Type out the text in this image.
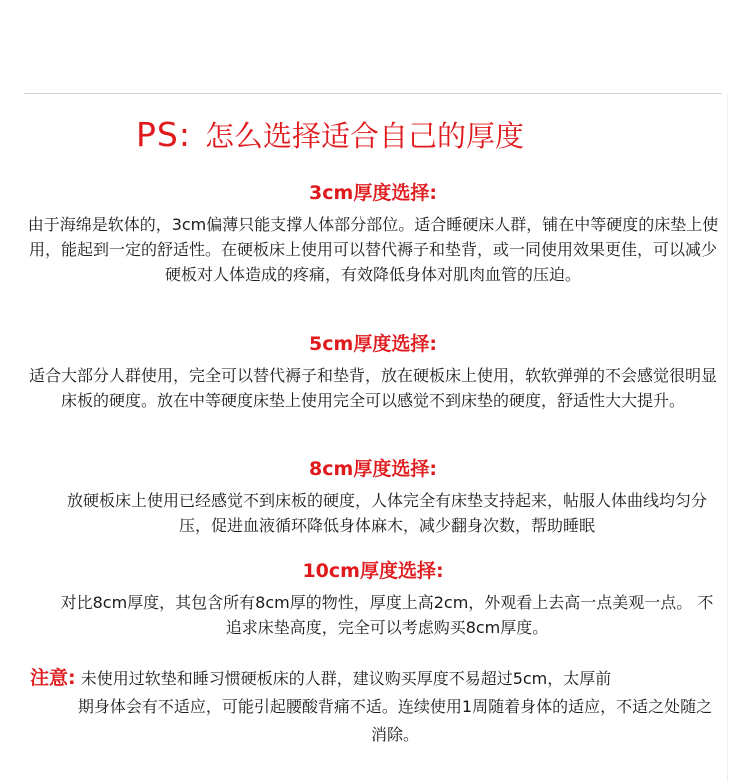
PS: 怎么选择适合自己的厚度
3cm厚度选择:

由于海绵是软体的，3cm偏薄只能支撑人体部分部位。适合睡硬床人群，铺在中等硬度的床垫上使用，能起到一定的舒适性。在硬板床上使用可以替代褥子和垫背，或一同使用效果更佳，可以减少硬板对人体造成的疼痛，有效降低身体对肌肉血管的压迫。

5cm厚度选择:

适合大部分人群使用，完全可以替代褥子和垫背，放在硬板床上使用，软软弹弹的不会感觉很明显床板的硬度。放在中等硬度床垫上使用完全可以感觉不到床垫的硬度，舒适性大大提升。

8cm厚度选择:

放硬板床上使用已经感觉不到床板的硬度，人体完全有床垫支持起来，帖服人体曲线均匀分压，促进血液循环降低身体麻木，减少翻身次数，帮助睡眠

10cm厚度选择:

对比8cm厚度，其包含所有8cm厚的物性，厚度上高2cm，外观看上去高一点美观一点。 不追求床垫高度，完全可以考虑购买8cm厚度。

注意: 未使用过软垫和睡习惯硬板床的人群，建议购买厚度不易超过5cm，太厚前
期身体会有不适应，可能引起腰酸背痛不适。连续使用1周随着身体的适应，不适之处随之消除。
